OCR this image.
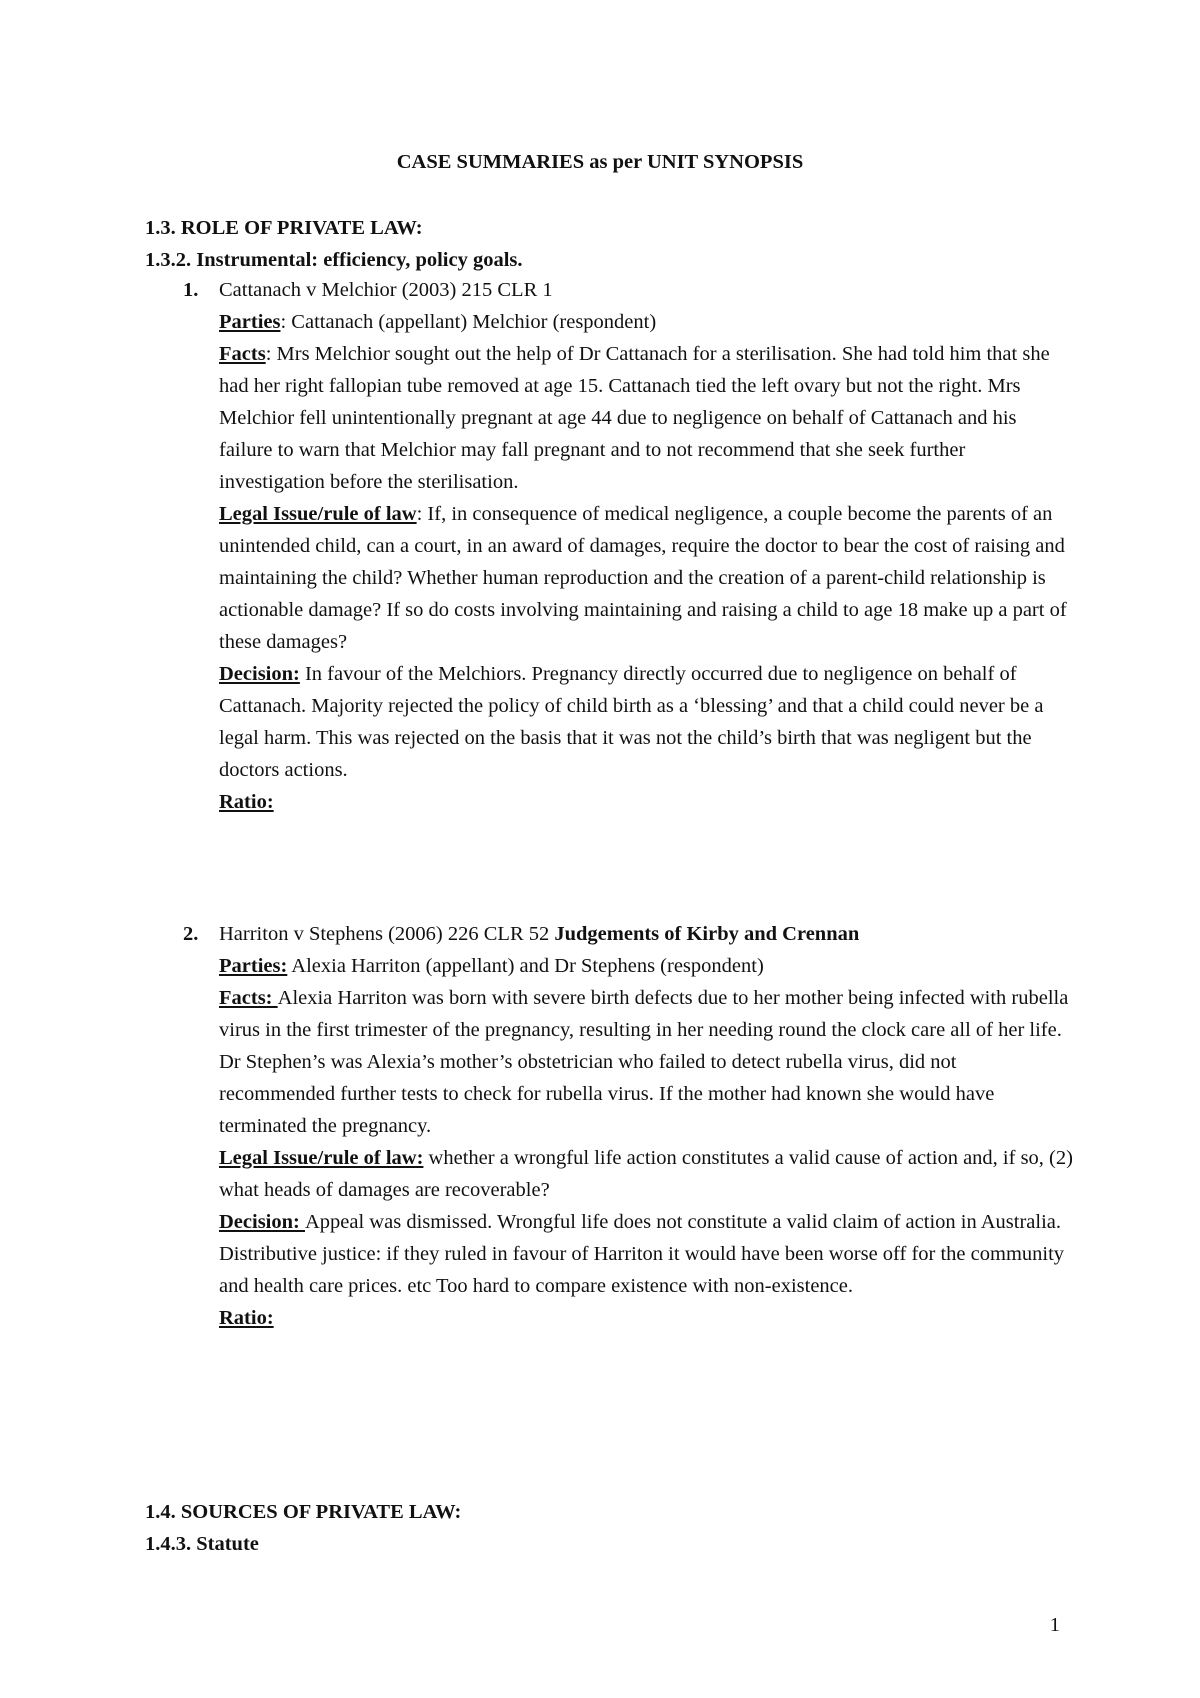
CASE SUMMARIES as per UNIT SYNOPSIS
1.3. ROLE OF PRIVATE LAW:
1.3.2. Instrumental: efficiency, policy goals.
1. Cattanach v Melchior (2003) 215 CLR 1

Parties: Cattanach (appellant) Melchior (respondent)

Facts: Mrs Melchior sought out the help of Dr Cattanach for a sterilisation. She had told him that she had her right fallopian tube removed at age 15. Cattanach tied the left ovary but not the right. Mrs Melchior fell unintentionally pregnant at age 44 due to negligence on behalf of Cattanach and his failure to warn that Melchior may fall pregnant and to not recommend that she seek further investigation before the sterilisation.

Legal Issue/rule of law: If, in consequence of medical negligence, a couple become the parents of an unintended child, can a court, in an award of damages, require the doctor to bear the cost of raising and maintaining the child? Whether human reproduction and the creation of a parent-child relationship is actionable damage? If so do costs involving maintaining and raising a child to age 18 make up a part of these damages?

Decision: In favour of the Melchiors. Pregnancy directly occurred due to negligence on behalf of Cattanach. Majority rejected the policy of child birth as a ‘blessing’ and that a child could never be a legal harm. This was rejected on the basis that it was not the child’s birth that was negligent but the doctors actions.

Ratio:

2. Harriton v Stephens (2006) 226 CLR 52 Judgements of Kirby and Crennan

Parties: Alexia Harriton (appellant) and Dr Stephens (respondent)

Facts: Alexia Harriton was born with severe birth defects due to her mother being infected with rubella virus in the first trimester of the pregnancy, resulting in her needing round the clock care all of her life. Dr Stephen’s was Alexia’s mother’s obstetrician who failed to detect rubella virus, did not recommended further tests to check for rubella virus. If the mother had known she would have terminated the pregnancy.

Legal Issue/rule of law: whether a wrongful life action constitutes a valid cause of action and, if so, (2) what heads of damages are recoverable?

Decision: Appeal was dismissed. Wrongful life does not constitute a valid claim of action in Australia. Distributive justice: if they ruled in favour of Harriton it would have been worse off for the community and health care prices. etc Too hard to compare existence with non-existence.

Ratio:

1.4. SOURCES OF PRIVATE LAW:
1.4.3. Statute
1
